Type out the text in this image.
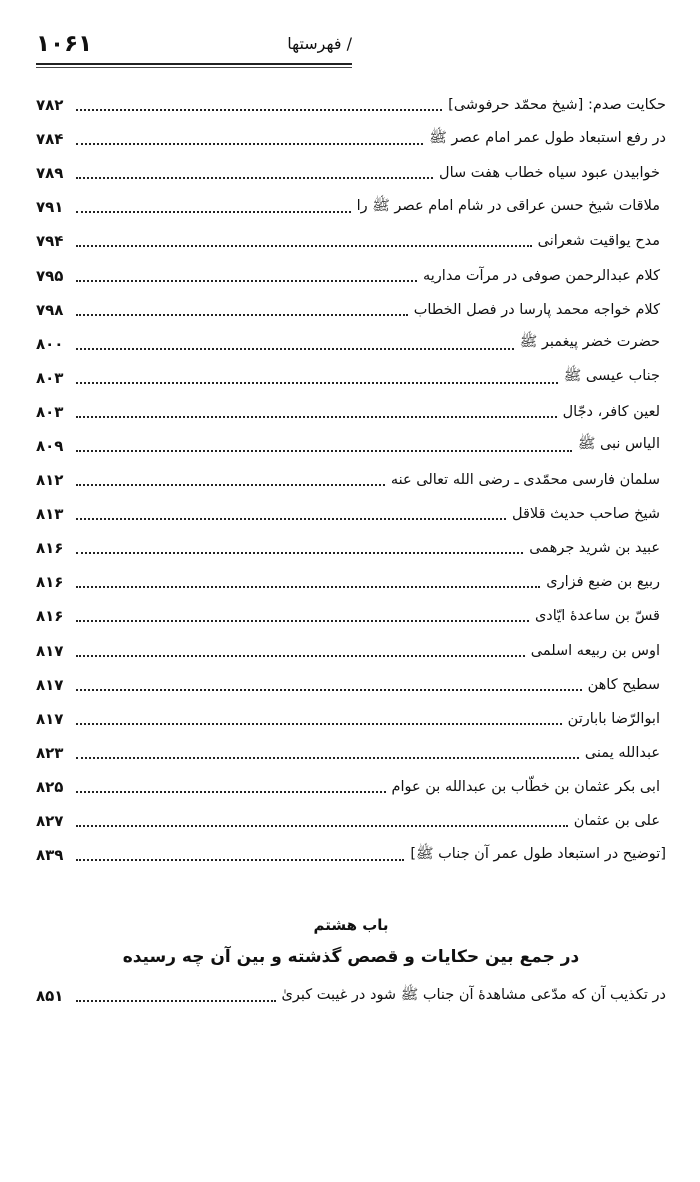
۱۰۶۱	/ فهرستها
حکایت صدم: [شیخ محمّد حرفوشی]
۷۸۲
در رفع استبعاد طول عمر امام عصر ﷺ
۷۸۴
خوابیدن عبود سیاه خطاب هفت سال
۷۸۹
ملاقات شیخ حسن عراقی در شام امام عصر ﷺ را
۷۹۱
مدح یواقیت شعرانی
۷۹۴
کلام عبدالرحمن صوفی در مرآت مداریه
۷۹۵
کلام خواجه محمد پارسا در فصل الخطاب
۷۹۸
حضرت خضر پیغمبر ﷺ
۸۰۰
جناب عیسی ﷺ
۸۰۳
لعین کافر، دجّال
۸۰۳
الیاس نبی ﷺ
۸۰۹
سلمان فارسی محمّدی ـ رضی الله تعالی عنه
۸۱۲
شیخ صاحب حدیث قلاقل
۸۱۳
عبید بن شرید جرهمی
۸۱۶
ربیع بن ضبع فزاری
۸۱۶
قسّ بن ساعدهٔ ایّادی
۸۱۶
اوس بن ربیعه اسلمی
۸۱۷
سطیح کاهن
۸۱۷
ابوالرّضا بابارتن
۸۱۷
عبدالله یمنی
۸۲۳
ابی بکر عثمان بن خطّاب بن عبدالله بن عوام
۸۲۵
علی بن عثمان
۸۲۷
[توضیح در استبعاد طول عمر آن جناب ﷺ]
۸۳۹
باب هشتم
در جمع بین حکایات و قصص گذشته و بین آن چه رسیده
در تکذیب آن که مدّعی مشاهدهٔ آن جناب ﷺ شود در غیبت کبریٰ
۸۵۱
